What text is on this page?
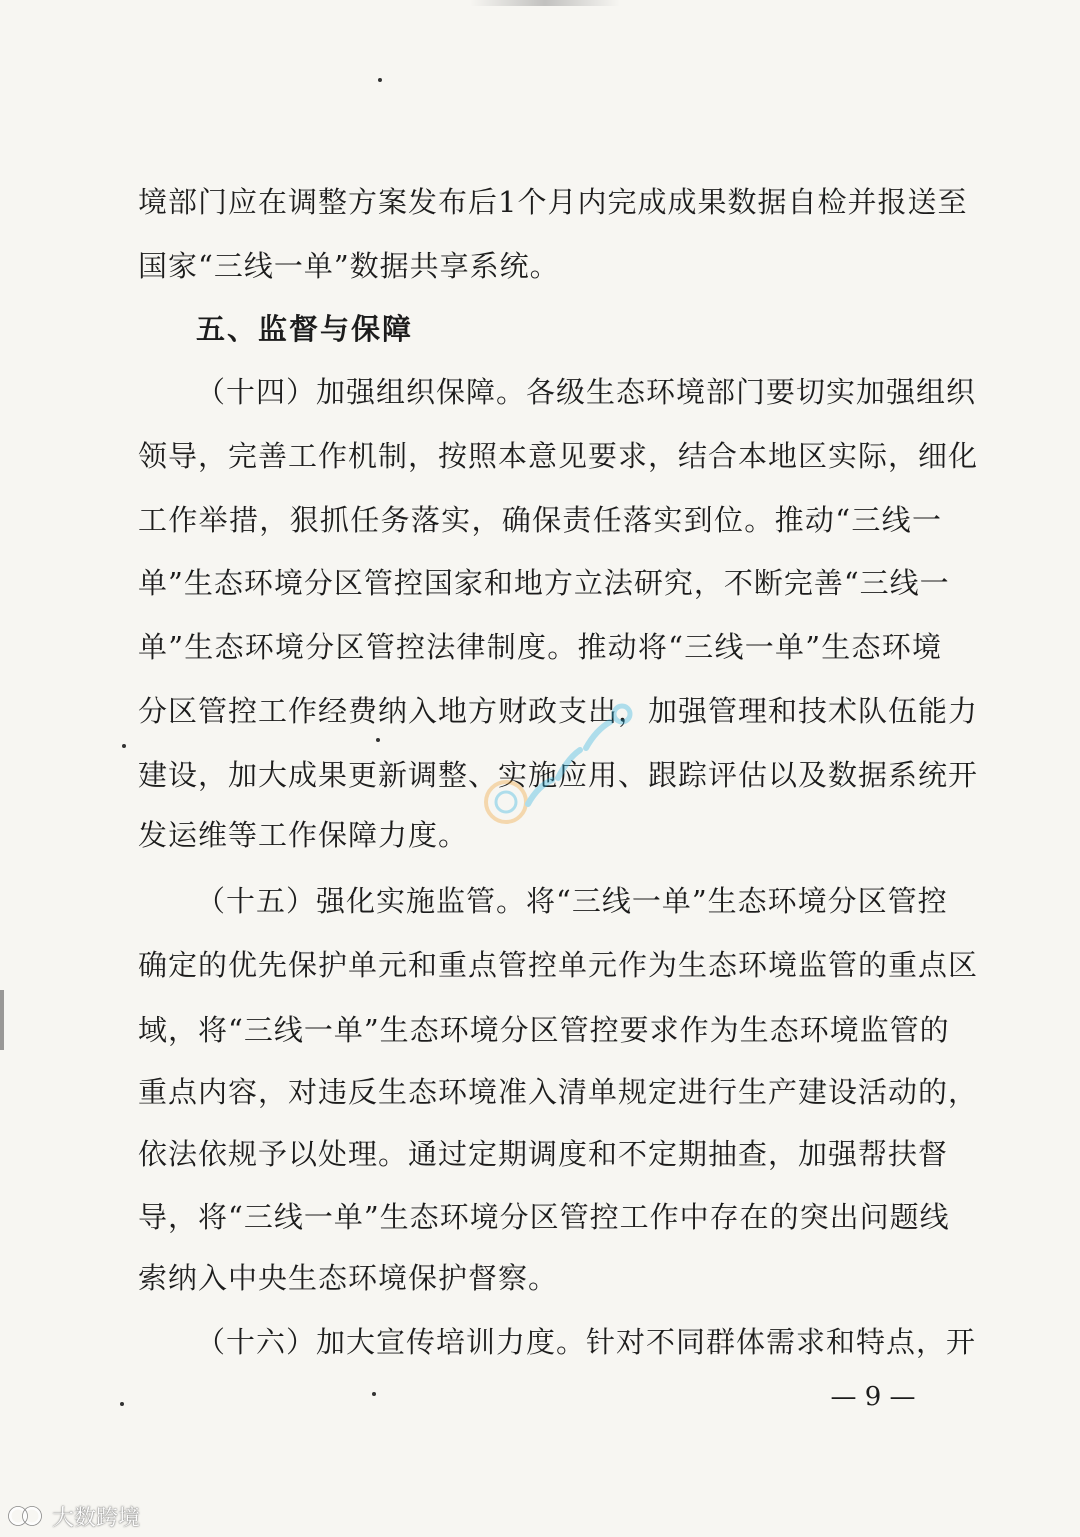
境部门应在调整方案发布后1个月内完成成果数据自检并报送至
国家“三线一单”数据共享系统。
五、监督与保障
（十四）加强组织保障。各级生态环境部门要切实加强组织
领导，完善工作机制，按照本意见要求，结合本地区实际，细化
工作举措，狠抓任务落实，确保责任落实到位。推动“三线一
单”生态环境分区管控国家和地方立法研究，不断完善“三线一
单”生态环境分区管控法律制度。推动将“三线一单”生态环境
分区管控工作经费纳入地方财政支出，加强管理和技术队伍能力
建设，加大成果更新调整、实施应用、跟踪评估以及数据系统开
发运维等工作保障力度。
（十五）强化实施监管。将“三线一单”生态环境分区管控
确定的优先保护单元和重点管控单元作为生态环境监管的重点区
域，将“三线一单”生态环境分区管控要求作为生态环境监管的
重点内容，对违反生态环境准入清单规定进行生产建设活动的，
依法依规予以处理。通过定期调度和不定期抽查，加强帮扶督
导，将“三线一单”生态环境分区管控工作中存在的突出问题线
索纳入中央生态环境保护督察。
（十六）加大宣传培训力度。针对不同群体需求和特点，开
— 9 —
大数跨境
